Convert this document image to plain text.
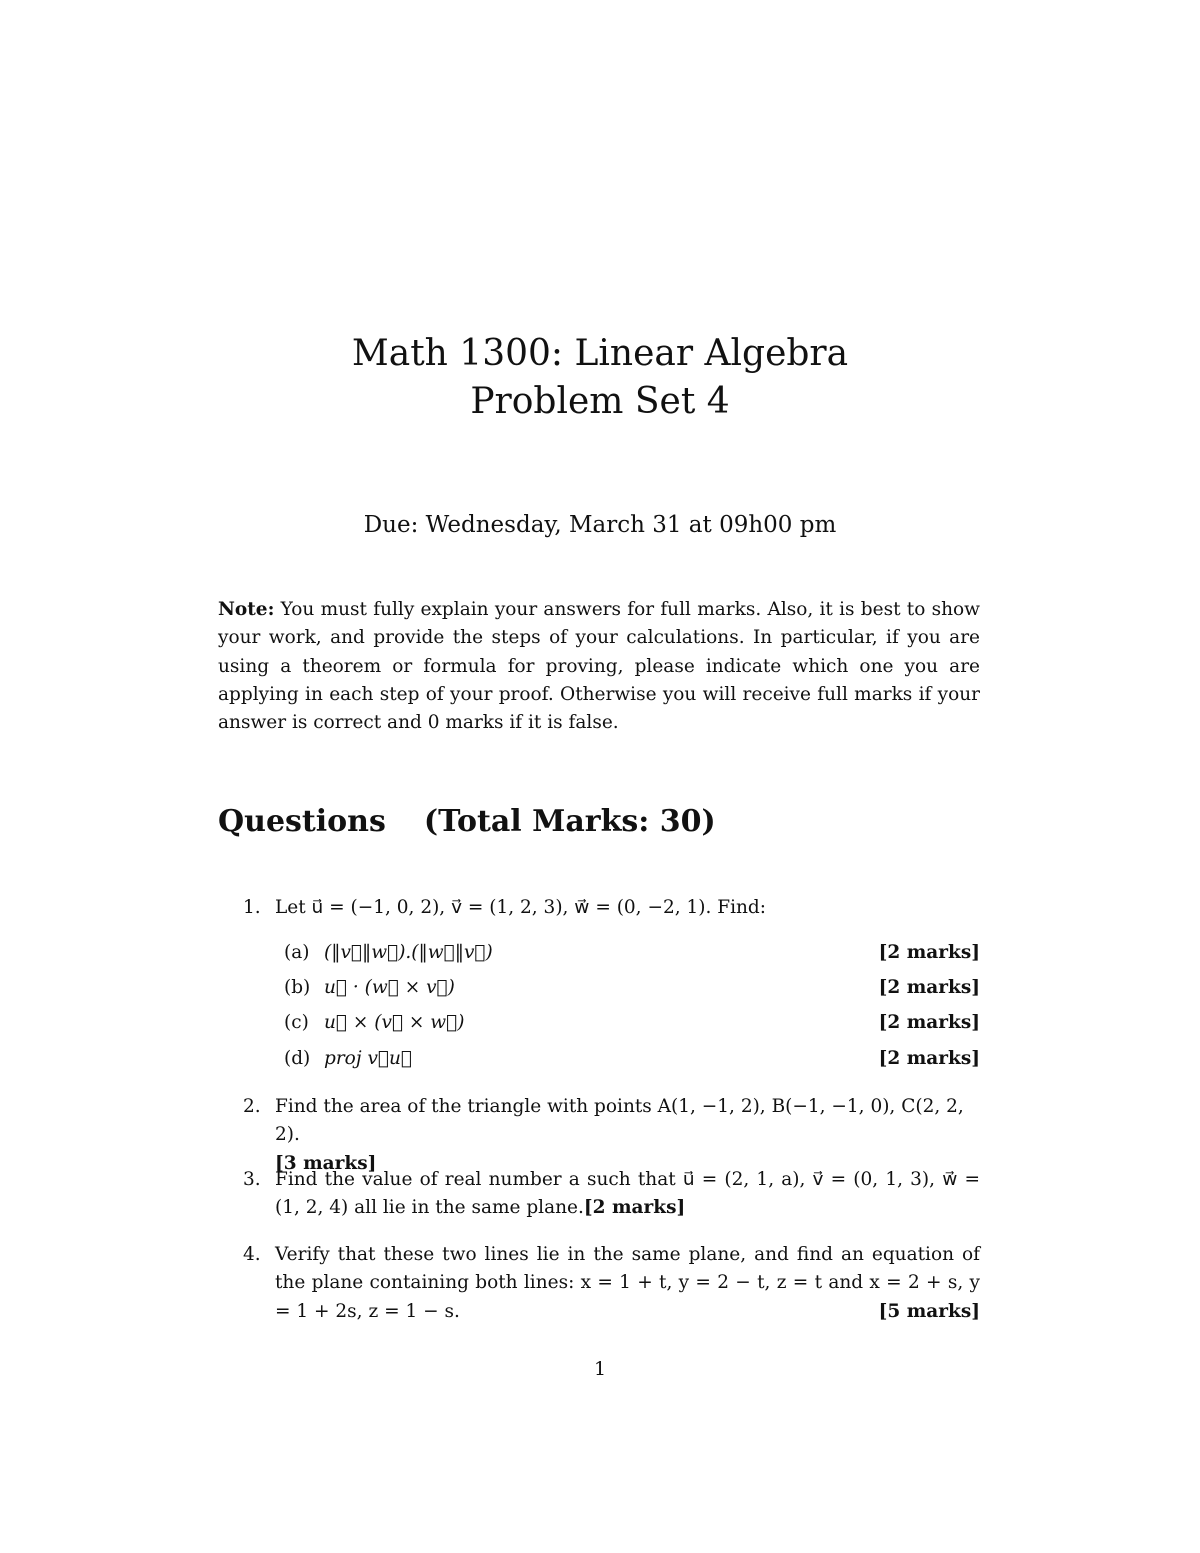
Math 1300: Linear Algebra
Problem Set 4
Due: Wednesday, March 31 at 09h00 pm
Note: You must fully explain your answers for full marks. Also, it is best to show your work, and provide the steps of your calculations. In particular, if you are using a theorem or formula for proving, please indicate which one you are applying in each step of your proof. Otherwise you will receive full marks if your answer is correct and 0 marks if it is false.
Questions (Total Marks: 30)
1. Let u⃗ = (−1, 0, 2), v⃗ = (1, 2, 3), w⃗ = (0, −2, 1). Find:
(a) (‖v⃗‖w⃗).(‖w⃗‖v⃗)	[2 marks]
(b) u⃗ · (w⃗ × v⃗)	[2 marks]
(c) u⃗ × (v⃗ × w⃗)	[2 marks]
(d) proj v⃗u⃗	[2 marks]
2. Find the area of the triangle with points A(1, −1, 2), B(−1, −1, 0), C(2, 2, 2).
[3 marks]
3. Find the value of real number a such that u⃗ = (2, 1, a), v⃗ = (0, 1, 3), w⃗ = (1, 2, 4) all lie in the same plane.[2 marks]
4. Verify that these two lines lie in the same plane, and find an equation of the plane containing both lines: x = 1 + t, y = 2 − t, z = t and x = 2 + s, y = 1 + 2s, z = 1 − s.	[5 marks]
1
